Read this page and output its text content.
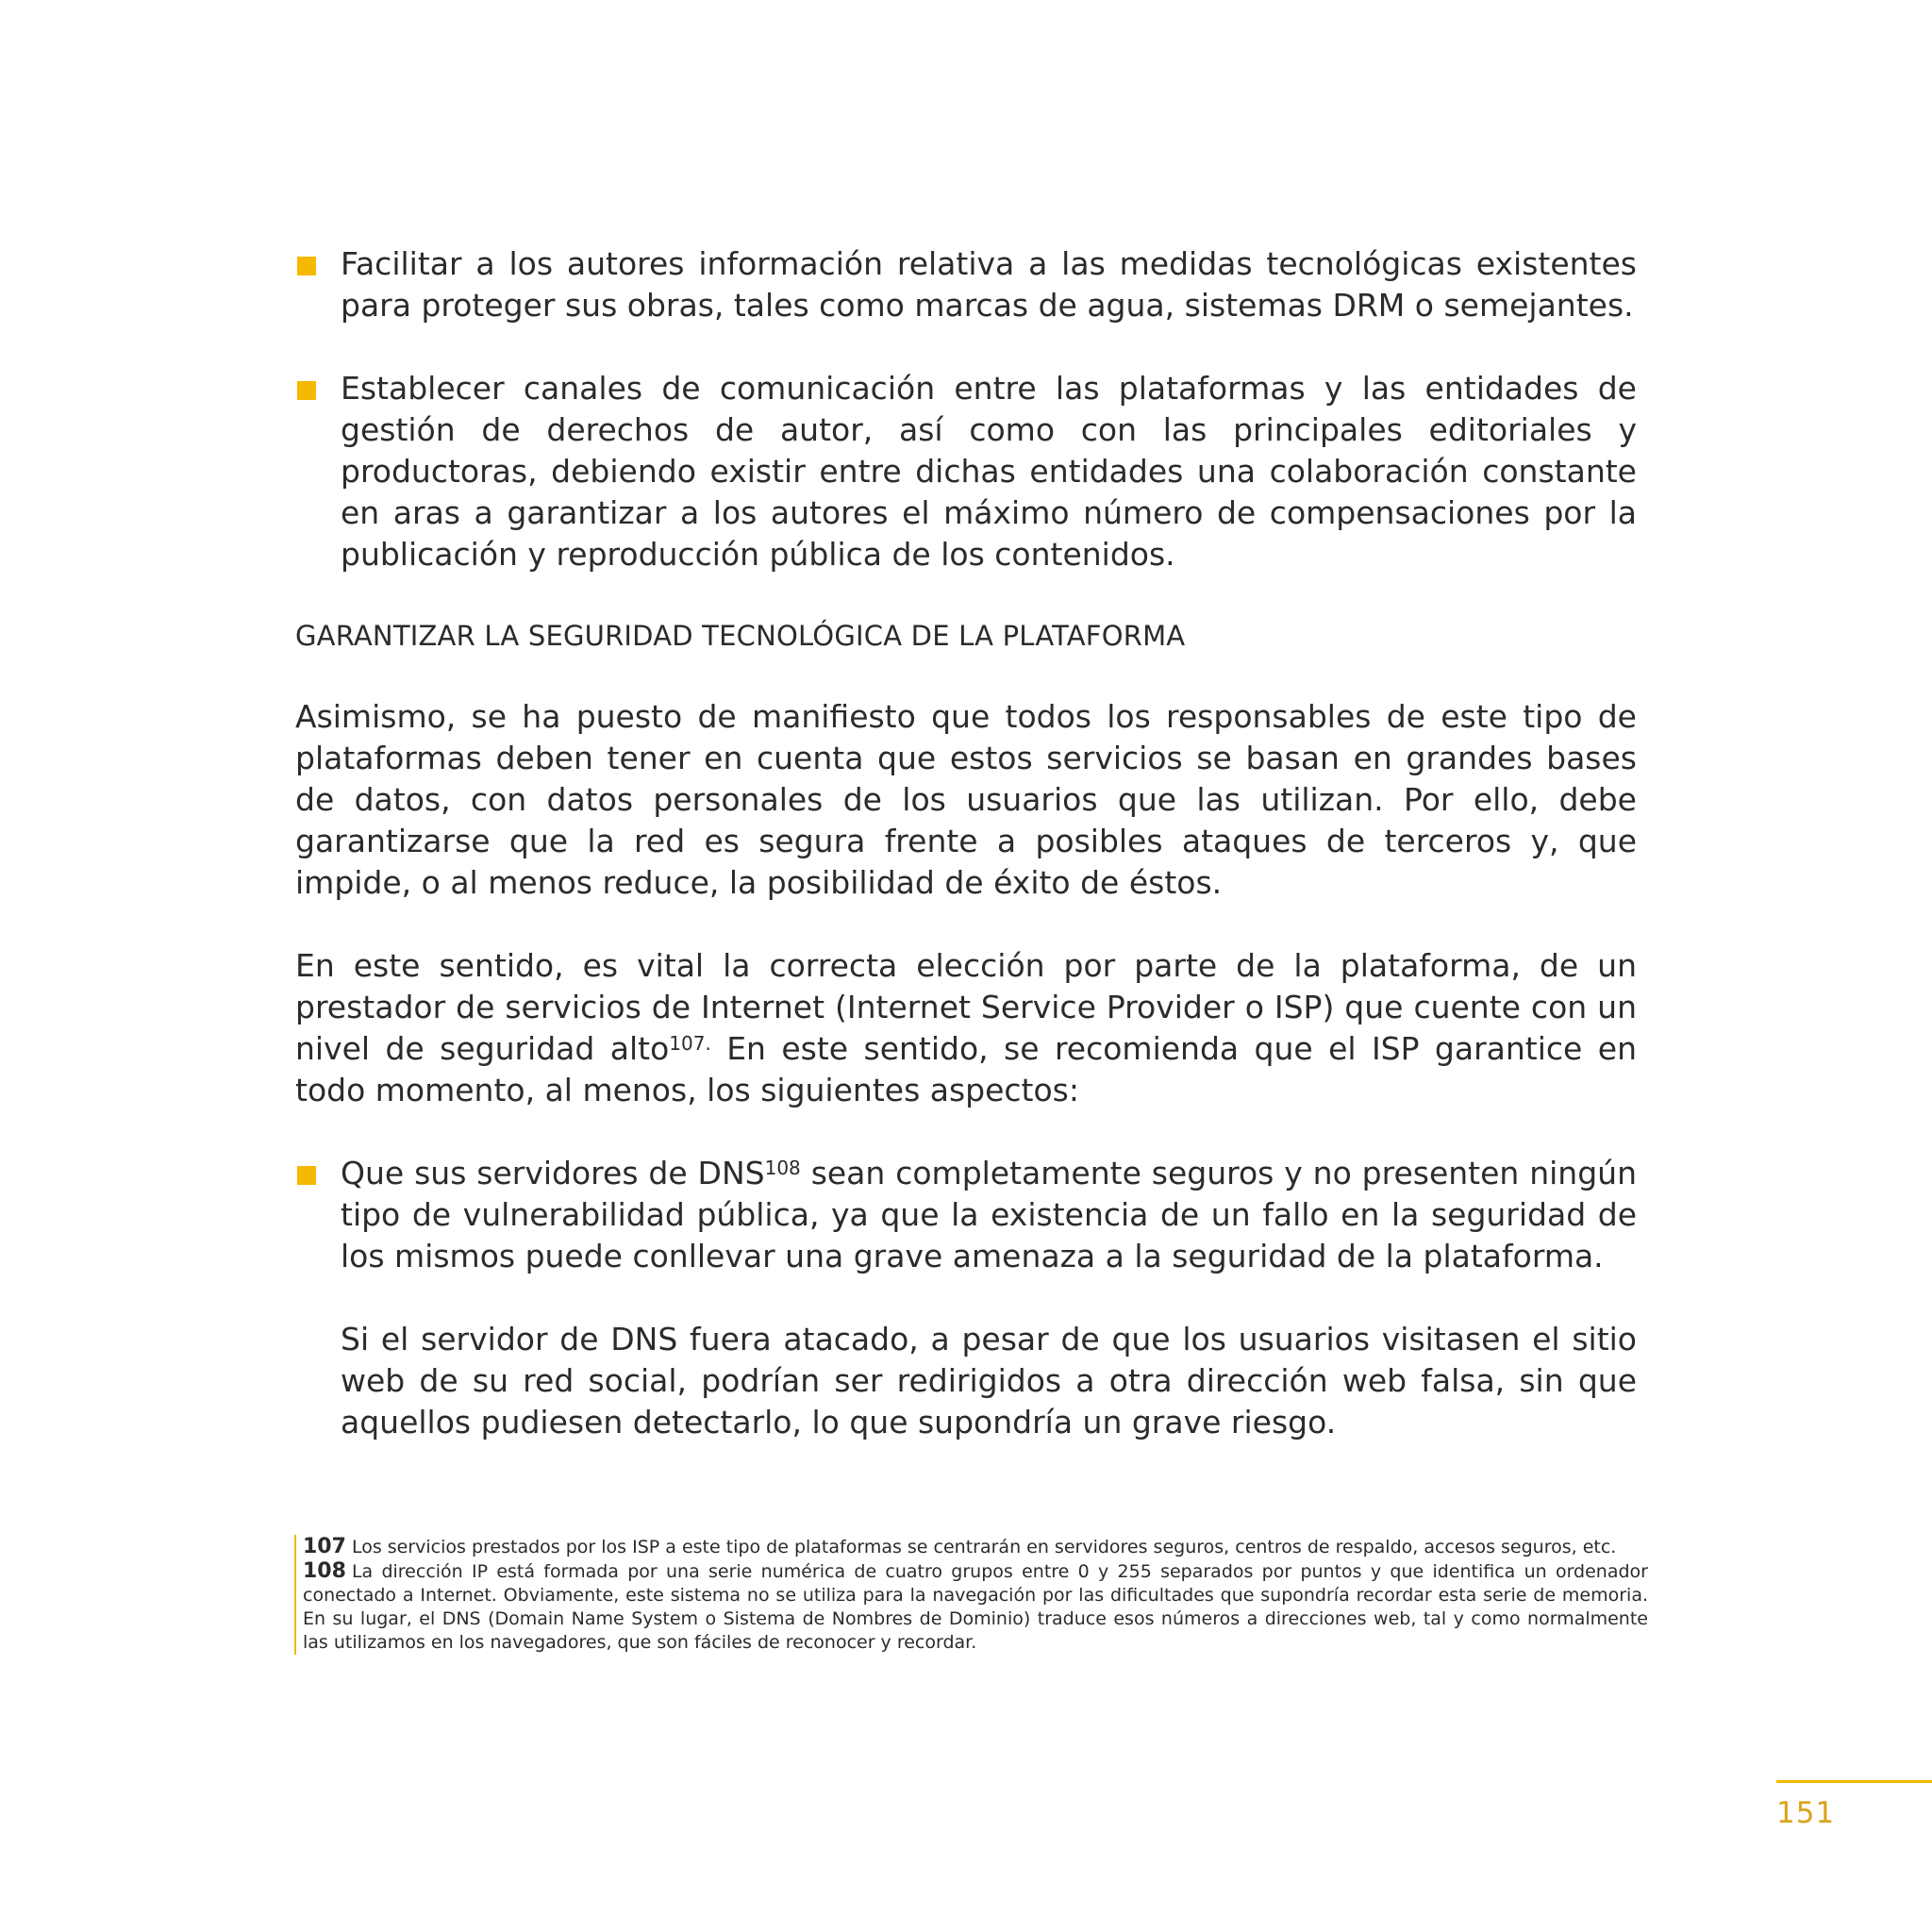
Facilitar a los autores información relativa a las medidas tecnológicas existentes para proteger sus obras, tales como marcas de agua, sistemas DRM o semejantes.
Establecer canales de comunicación entre las plataformas y las entidades de gestión de derechos de autor, así como con las principales editoriales y productoras, debiendo existir entre dichas entidades una colaboración constante en aras a garantizar a los autores el máximo número de compensaciones por la publicación y reproducción pública de los contenidos.
GARANTIZAR LA SEGURIDAD TECNOLÓGICA DE LA PLATAFORMA

Asimismo, se ha puesto de manifiesto que todos los responsables de este tipo de plataformas deben tener en cuenta que estos servicios se basan en grandes bases de datos, con datos personales de los usuarios que las utilizan. Por ello, debe garantizarse que la red es segura frente a posibles ataques de terceros y, que impide, o al menos reduce, la posibilidad de éxito de éstos.

En este sentido, es vital la correcta elección por parte de la plataforma, de un prestador de servicios de Internet (Internet Service Provider o ISP) que cuente con un nivel de seguridad alto$^{107.}$ En este sentido, se recomienda que el ISP garantice en todo momento, al menos, los siguientes aspectos:

Que sus servidores de DNS$^{108}$ sean completamente seguros y no presenten ningún tipo de vulnerabilidad pública, ya que la existencia de un fallo en la seguridad de los mismos puede conllevar una grave amenaza a la seguridad de la plataforma.

Si el servidor de DNS fuera atacado, a pesar de que los usuarios visitasen el sitio web de su red social, podrían ser redirigidos a otra dirección web falsa, sin que aquellos pudiesen detectarlo, lo que supondría un grave riesgo.

107 Los servicios prestados por los ISP a este tipo de plataformas se centrarán en servidores seguros, centros de respaldo, accesos seguros, etc.

108 La dirección IP está formada por una serie numérica de cuatro grupos entre 0 y 255 separados por puntos y que identifica un ordenador conectado a Internet. Obviamente, este sistema no se utiliza para la navegación por las dificultades que supondría recordar esta serie de memoria. En su lugar, el DNS (Domain Name System o Sistema de Nombres de Dominio) traduce esos números a direcciones web, tal y como normalmente las utilizamos en los navegadores, que son fáciles de reconocer y recordar.

151
